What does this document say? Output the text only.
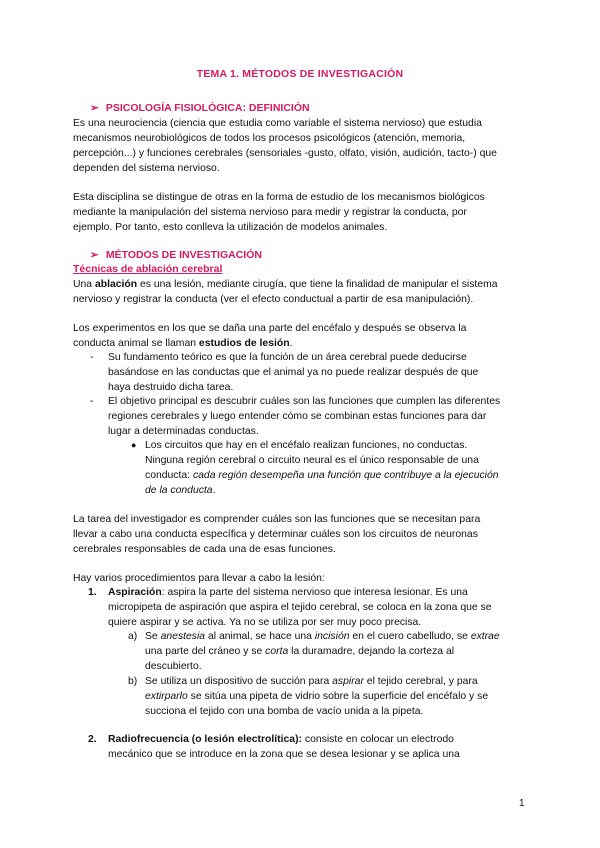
TEMA 1. MÉTODOS DE INVESTIGACIÓN
➢ PSICOLOGÍA FISIOLÓGICA: DEFINICIÓN

Es una neurociencia (ciencia que estudia como variable el sistema nervioso) que estudia

mecanismos neurobiológicos de todos los procesos psicológicos (atención, memoria,

percepción...) y funciones cerebrales (sensoriales -gusto, olfato, visión, audición, tacto-) que

dependen del sistema nervioso.

Esta disciplina se distingue de otras en la forma de estudio de los mecanismos biológicos

mediante la manipulación del sistema nervioso para medir y registrar la conducta, por

ejemplo. Por tanto, esto conlleva la utilización de modelos animales.

➢ MÉTODOS DE INVESTIGACIÓN
Técnicas de ablación cerebral

Una ablación es una lesión, mediante cirugía, que tiene la finalidad de manipular el sistema

nervioso y registrar la conducta (ver el efecto conductual a partir de esa manipulación).

Los experimentos en los que se daña una parte del encéfalo y después se observa la

conducta animal se llaman estudios de lesión.

- Su fundamento teórico es que la función de un área cerebral puede deducirse

basándose en las conductas que el animal ya no puede realizar después de que

haya destruido dicha tarea.

- El objetivo principal es descubrir cuáles son las funciones que cumplen las diferentes

regiones cerebrales y luego entender cómo se combinan estas funciones para dar

lugar a determinadas conductas.

● Los circuitos que hay en el encéfalo realizan funciones, no conductas.

Ninguna región cerebral o circuito neural es el único responsable de una

conducta: cada región desempeña una función que contribuye a la ejecución

de la conducta.

La tarea del investigador es comprender cuáles son las funciones que se necesitan para

llevar a cabo una conducta específica y determinar cuáles son los circuitos de neuronas

cerebrales responsables de cada una de esas funciones.

Hay varios procedimientos para llevar a cabo la lesión:
1. Aspiración: aspira la parte del sistema nervioso que interesa lesionar. Es una

micropipeta de aspiración que aspira el tejido cerebral, se coloca en la zona que se

quiere aspirar y se activa. Ya no se utiliza por ser muy poco precisa.

a) Se anestesia al animal, se hace una incisión en el cuero cabelludo, se extrae

una parte del cráneo y se corta la duramadre, dejando la corteza al

descubierto.

b) Se utiliza un dispositivo de succión para aspirar el tejido cerebral, y para

extirparlo se sitúa una pipeta de vidrio sobre la superficie del encéfalo y se

succiona el tejido con una bomba de vacío unida a la pipeta.

2. Radiofrecuencia (o lesión electrolítica): consiste en colocar un electrodo

mecánico que se introduce en la zona que se desea lesionar y se aplica una

1
